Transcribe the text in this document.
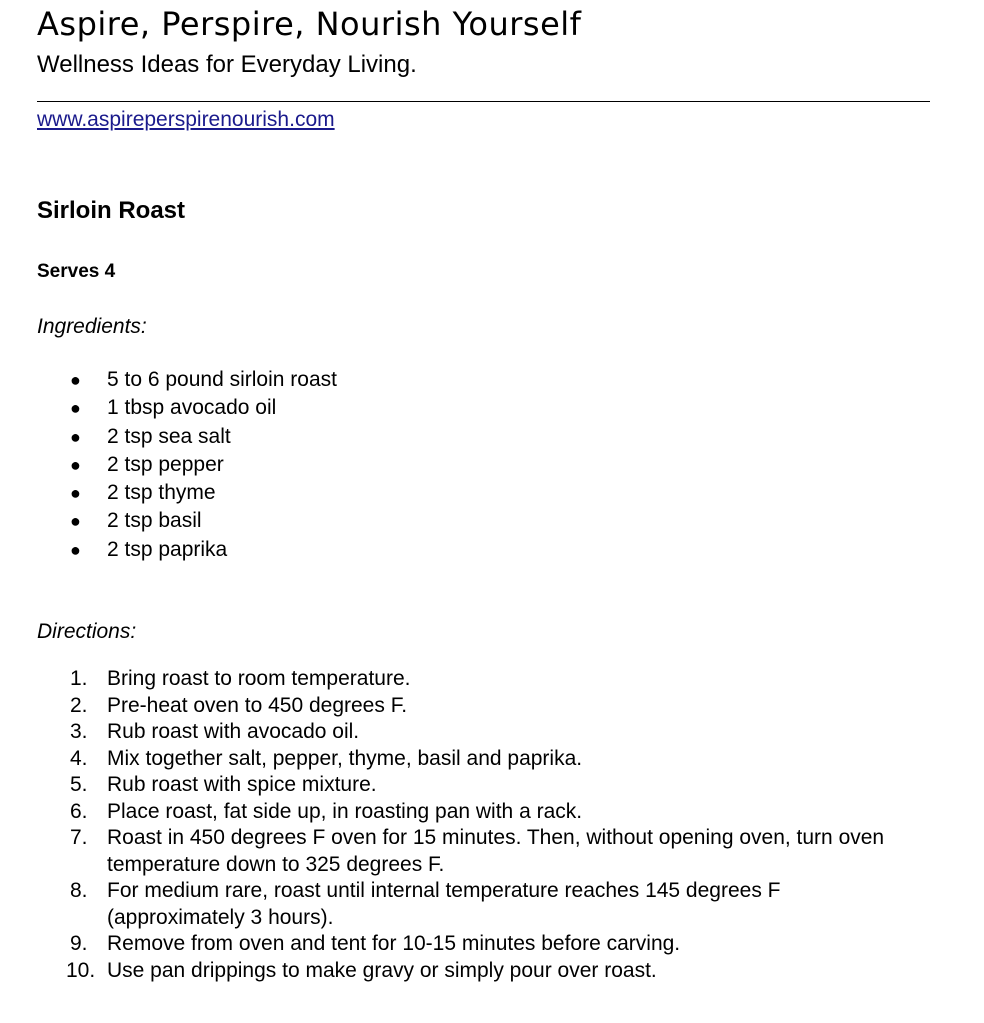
Aspire, Perspire, Nourish Yourself
Wellness Ideas for Everyday Living.
www.aspireperspirenourish.com
Sirloin Roast
Serves 4
Ingredients:
● 5 to 6 pound sirloin roast
● 1 tbsp avocado oil
● 2 tsp sea salt
● 2 tsp pepper
● 2 tsp thyme
● 2 tsp basil
● 2 tsp paprika
Directions:
1. Bring roast to room temperature.
2. Pre-heat oven to 450 degrees F.
3. Rub roast with avocado oil.
4. Mix together salt, pepper, thyme, basil and paprika.
5. Rub roast with spice mixture.
6. Place roast, fat side up, in roasting pan with a rack.
7. Roast in 450 degrees F oven for 15 minutes. Then, without opening oven, turn oven temperature down to 325 degrees F.
8. For medium rare, roast until internal temperature reaches 145 degrees F (approximately 3 hours).
9. Remove from oven and tent for 10-15 minutes before carving.
10. Use pan drippings to make gravy or simply pour over roast.
